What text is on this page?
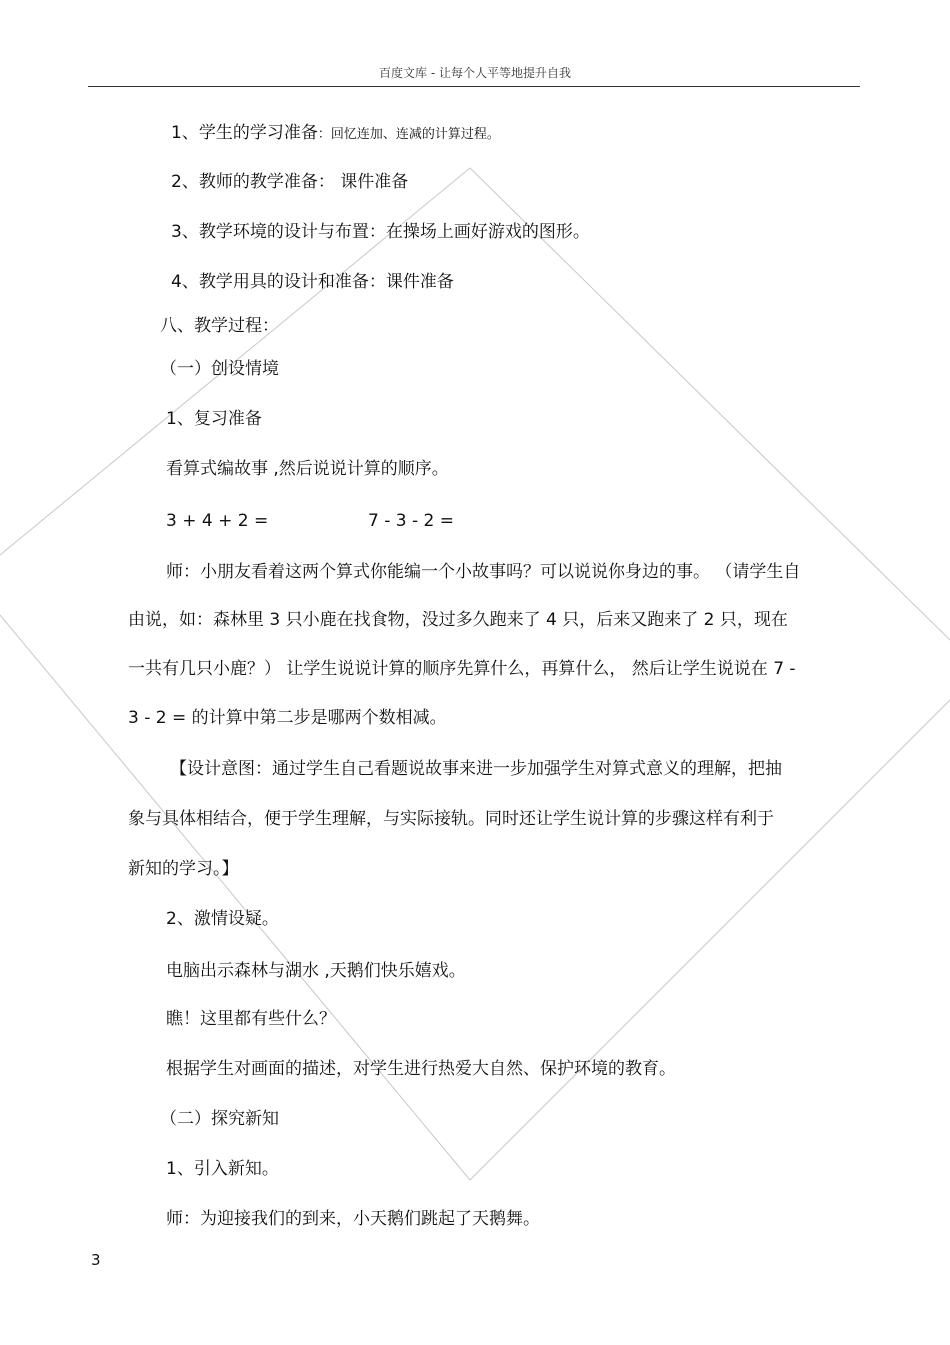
百度文库 - 让每个人平等地提升自我
1、学生的学习准备：回忆连加、连减的计算过程。
2、教师的教学准备： 课件准备
3、教学环境的设计与布置：在操场上画好游戏的图形。
4、教学用具的设计和准备：课件准备
八、教学过程：
（一）创设情境
1、复习准备
看算式编故事 ,然后说说计算的顺序。
3 + 4 + 2 =	7 - 3 - 2 =
师：小朋友看着这两个算式你能编一个小故事吗？可以说说你身边的事。 （请学生自
由说，如：森林里 3 只小鹿在找食物，没过多久跑来了 4 只，后来又跑来了 2 只，现在
一共有几只小鹿？） 让学生说说计算的顺序先算什么，再算什么， 然后让学生说说在 7 -
3 - 2 = 的计算中第二步是哪两个数相减。
【设计意图：通过学生自己看题说故事来进一步加强学生对算式意义的理解，把抽
象与具体相结合，便于学生理解，与实际接轨。同时还让学生说计算的步骤这样有利于
新知的学习。】
2、激情设疑。
电脑出示森林与湖水 ,天鹅们快乐嬉戏。
瞧！这里都有些什么？
根据学生对画面的描述，对学生进行热爱大自然、保护环境的教育。
（二）探究新知
1、引入新知。
师：为迎接我们的到来，小天鹅们跳起了天鹅舞。
3
